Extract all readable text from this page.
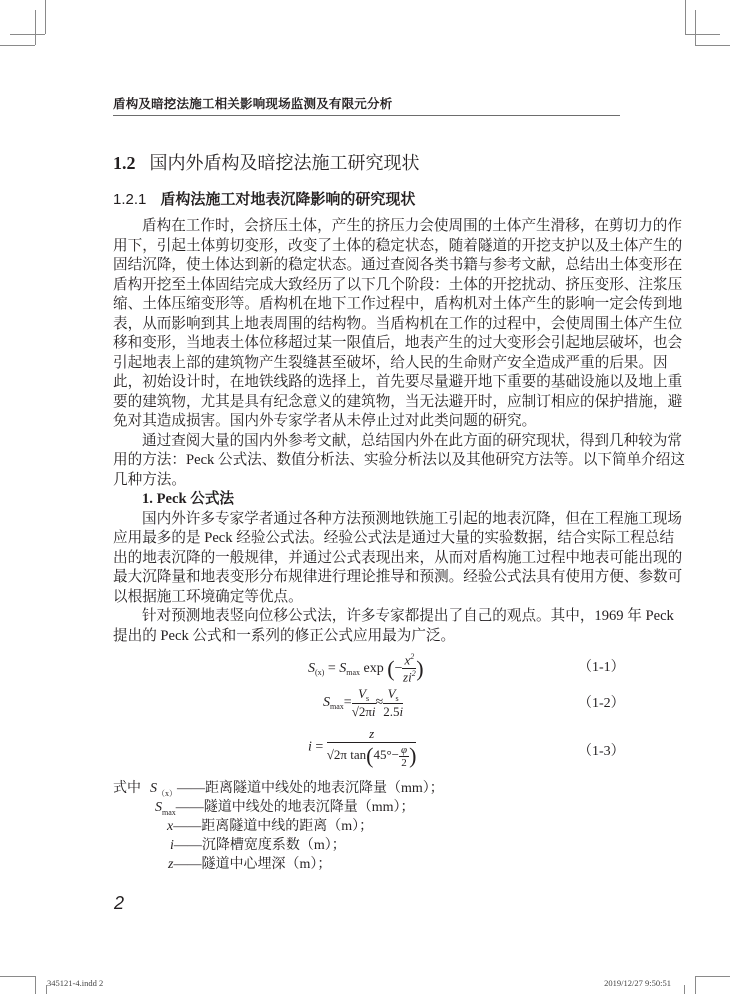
盾构及暗挖法施工相关影响现场监测及有限元分析
1.2 国内外盾构及暗挖法施工研究现状
1.2.1 盾构法施工对地表沉降影响的研究现状
盾构在工作时，会挤压土体，产生的挤压力会使周围的土体产生滑移，在剪切力的作
用下，引起土体剪切变形，改变了土体的稳定状态，随着隧道的开挖支护以及土体产生的
固结沉降，使土体达到新的稳定状态。通过查阅各类书籍与参考文献，总结出土体变形在
盾构开挖至土体固结完成大致经历了以下几个阶段：土体的开挖扰动、挤压变形、注浆压
缩、土体压缩变形等。盾构机在地下工作过程中，盾构机对土体产生的影响一定会传到地
表，从而影响到其上地表周围的结构物。当盾构机在工作的过程中，会使周围土体产生位
移和变形，当地表土体位移超过某一限值后，地表产生的过大变形会引起地层破坏，也会
引起地表上部的建筑物产生裂缝甚至破坏，给人民的生命财产安全造成严重的后果。因
此，初始设计时，在地铁线路的选择上，首先要尽量避开地下重要的基础设施以及地上重
要的建筑物，尤其是具有纪念意义的建筑物，当无法避开时，应制订相应的保护措施，避
免对其造成损害。国内外专家学者从未停止过对此类问题的研究。
通过查阅大量的国内外参考文献，总结国内外在此方面的研究现状，得到几种较为常
用的方法：Peck 公式法、数值分析法、实验分析法以及其他研究方法等。以下简单介绍这
几种方法。
1. Peck 公式法
国内外许多专家学者通过各种方法预测地铁施工引起的地表沉降，但在工程施工现场
应用最多的是 Peck 经验公式法。经验公式法是通过大量的实验数据，结合实际工程总结
出的地表沉降的一般规律，并通过公式表现出来，从而对盾构施工过程中地表可能出现的
最大沉降量和地表变形分布规律进行理论推导和预测。经验公式法具有使用方便、参数可
以根据施工环境确定等优点。
针对预测地表竖向位移公式法，许多专家都提出了自己的观点。其中，1969 年 Peck
提出的 Peck 公式和一系列的修正公式应用最为广泛。
$S_{(x)} = S_{max}$ exp (− $\frac{x^2}{zi^2}$ )	（1-1）
$S_{max}= \frac{V_s}{√2\pi i} \approx \frac{V_s}{2.5i}$	（1-2）
$i = \frac{z}{√2\pi \tan(45^\circ- \frac{\varphi}{2} )}$	（1-3）
式中 $S_{(x)}——$距离隧道中线处的地表沉降量（mm）；
$S_{max}——$隧道中线处的地表沉降量（mm）；
x——距离隧道中线的距离（m）；
i——沉降槽宽度系数（m）；
z——隧道中心埋深（m）；
2
345121-4.indd 2	2019/12/27 9:50:51
